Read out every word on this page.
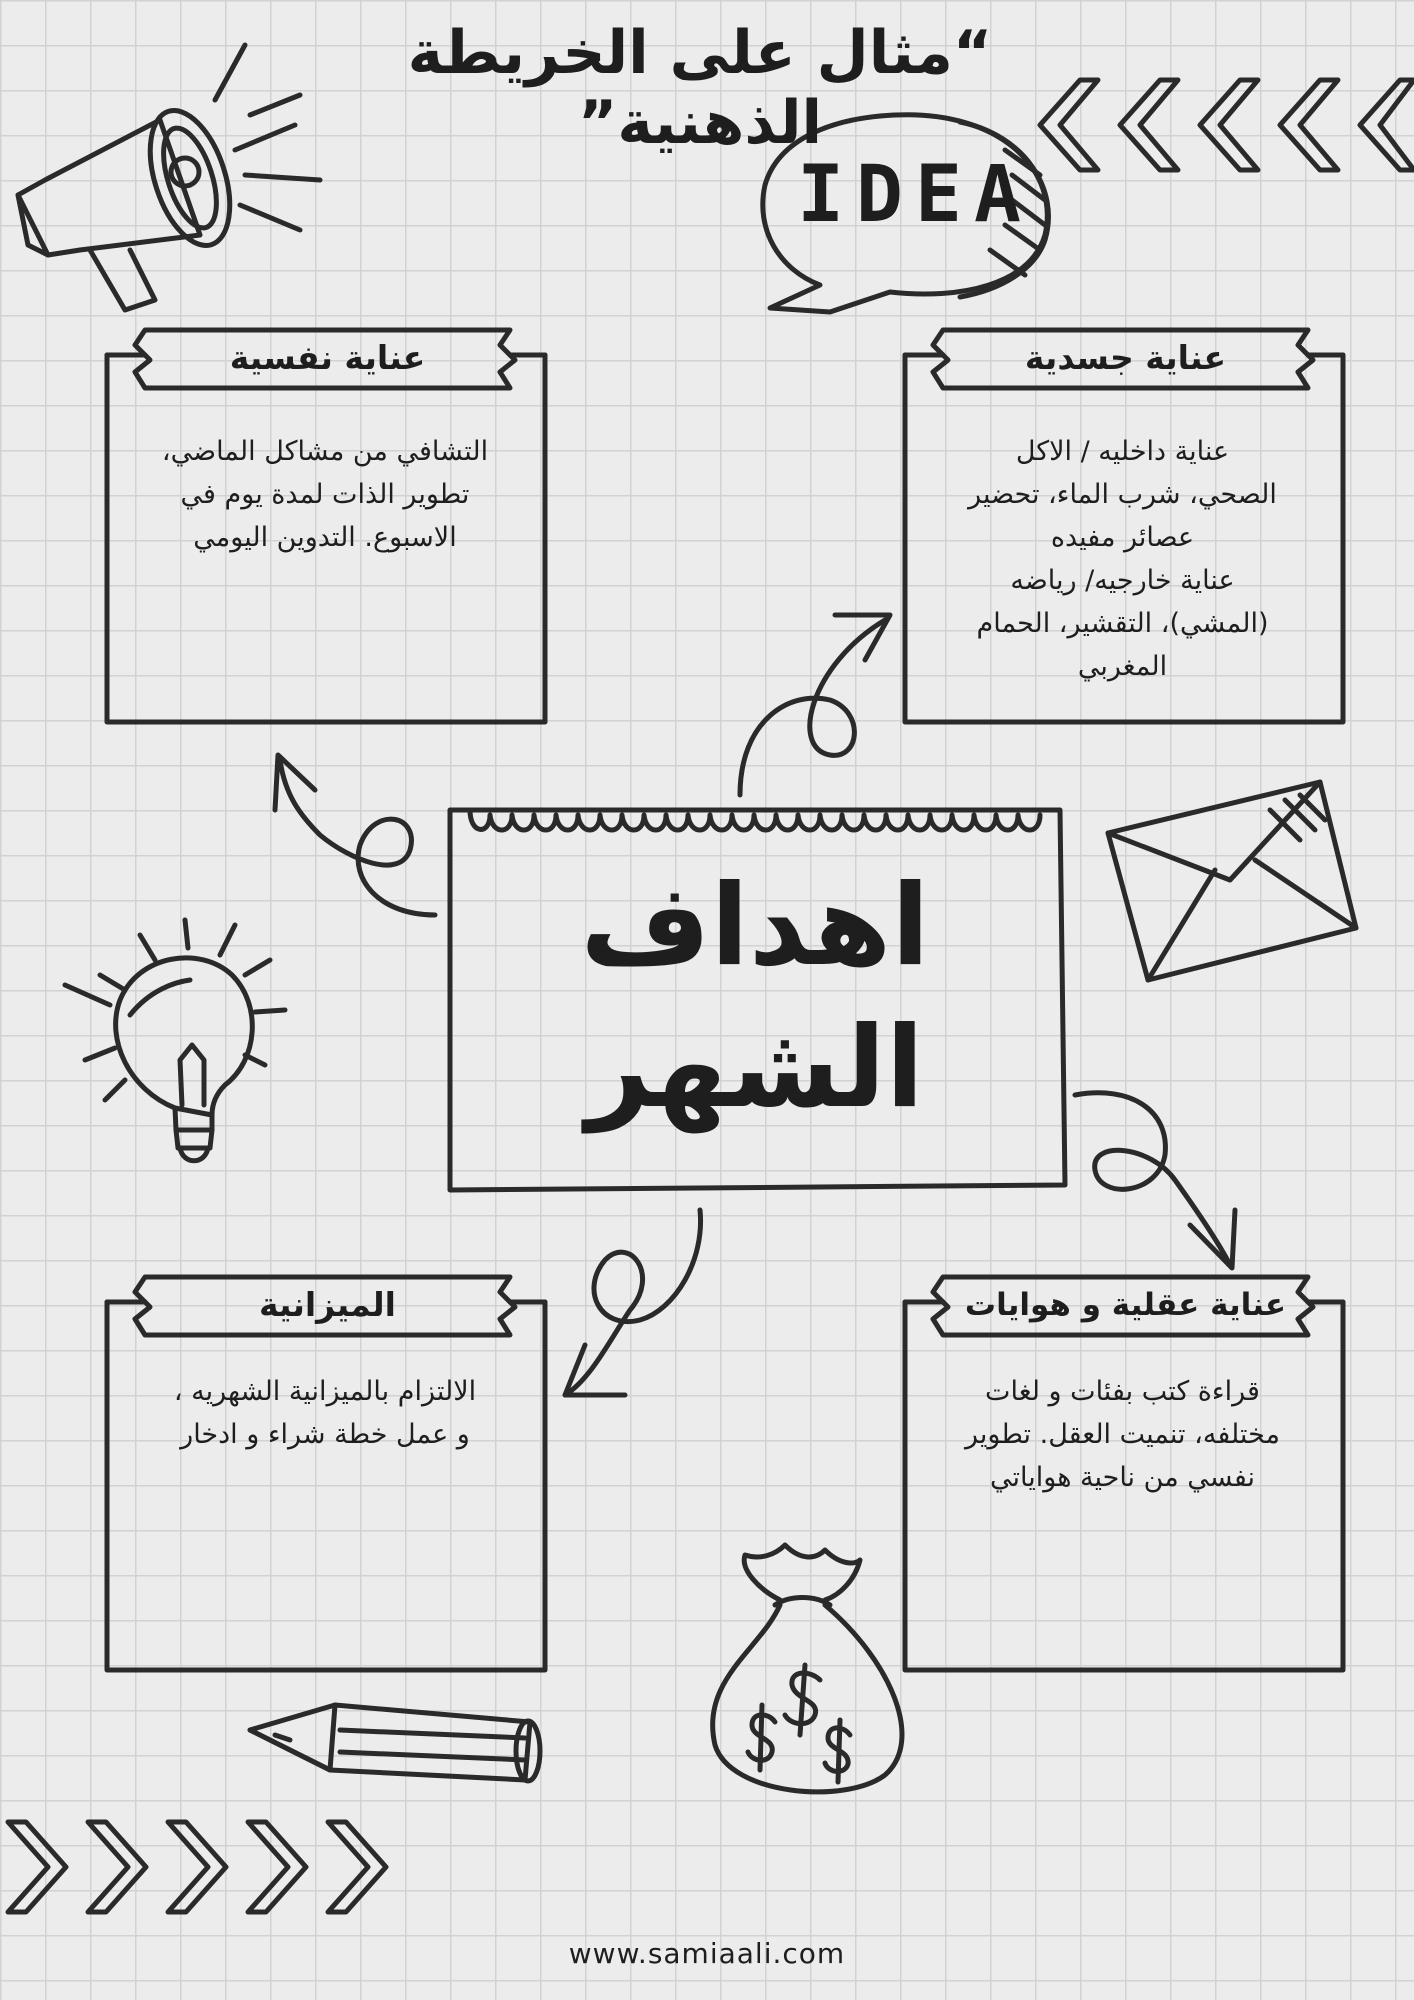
“مثال على الخريطة الذهنية”
IDEA
عناية نفسية
التشافي من مشاكل الماضي،
تطوير الذات لمدة يوم في
الاسبوع. التدوين اليومي
عناية جسدية
عناية داخليه / الاكل
الصحي، شرب الماء، تحضير
عصائر مفيده
عناية خارجيه/ رياضه
(المشي)، التقشير، الحمام
المغربي
الميزانية
الالتزام بالميزانية الشهريه ،
و عمل خطة شراء و ادخار
عناية عقلية و هوايات
قراءة كتب بفئات و لغات
مختلفه، تنميت العقل. تطوير
نفسي من ناحية هواياتي
اهداف
الشهر
www.samiaali.com
